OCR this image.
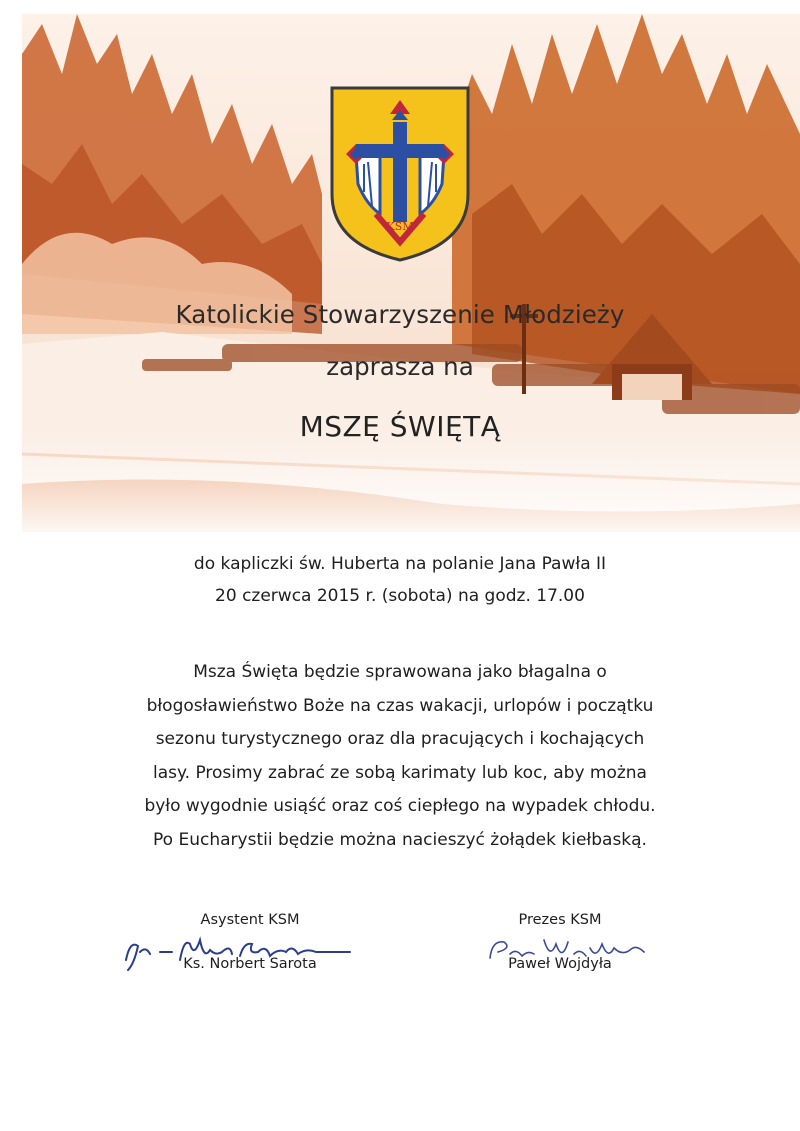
KSM
Katolickie Stowarzyszenie Młodzieży
zaprasza na
MSZĘ ŚWIĘTĄ
do kapliczki św. Huberta na polanie Jana Pawła II
20 czerwca 2015 r. (sobota) na godz. 17.00
Msza Święta będzie sprawowana jako błagalna o
błogosławieństwo Boże na czas wakacji, urlopów i początku
sezonu turystycznego oraz dla pracujących i kochających
lasy. Prosimy zabrać ze sobą karimaty lub koc, aby można
było wygodnie usiąść oraz coś ciepłego na wypadek chłodu.
Po Eucharystii będzie można nacieszyć żołądek kiełbaską.
Asystent KSM
Ks. Norbert Sarota
Prezes KSM
Paweł Wojdyła
